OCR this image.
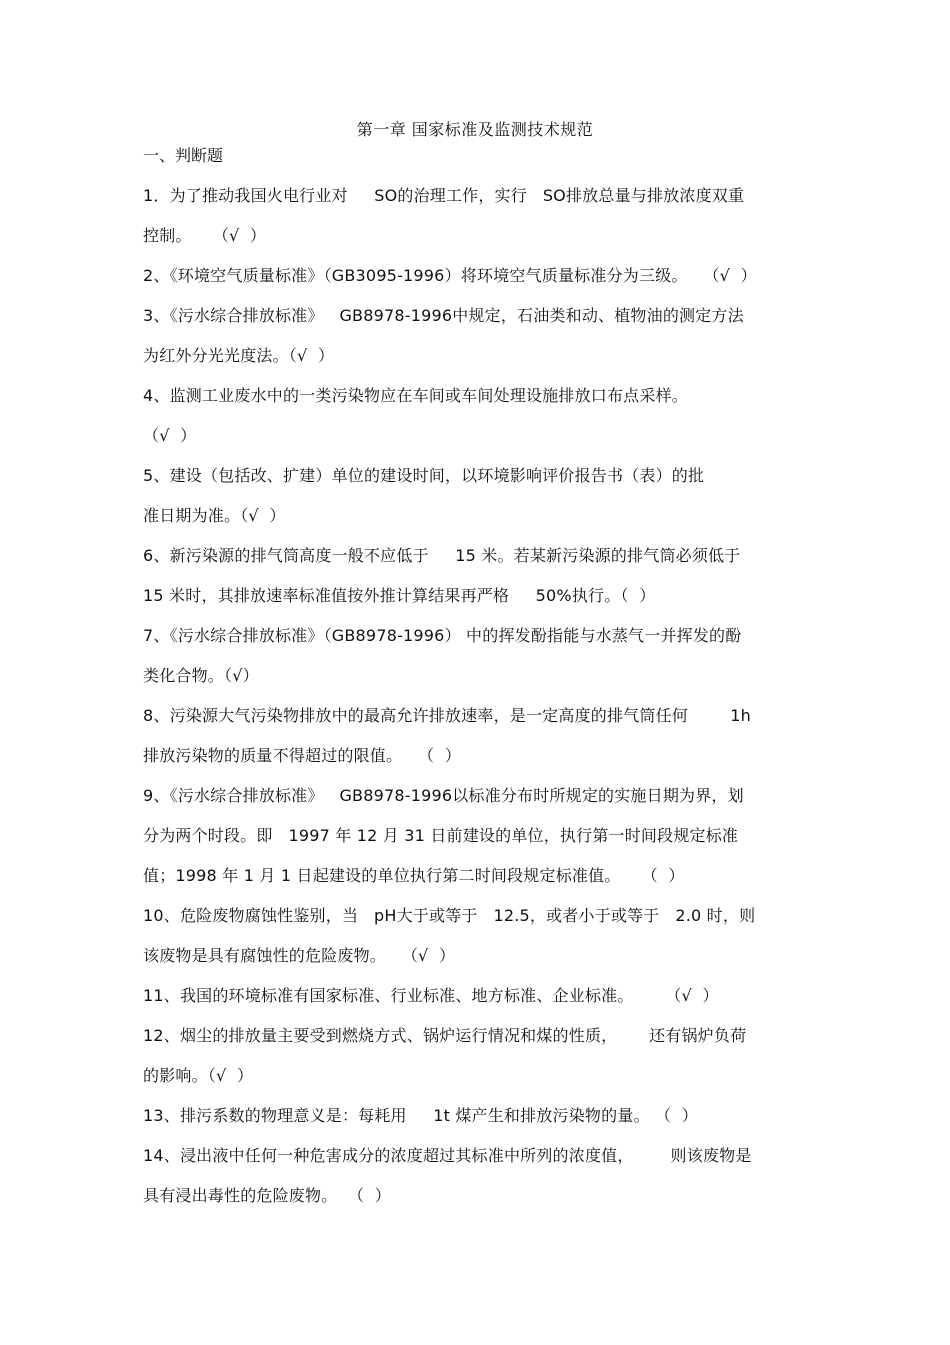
第一章 国家标准及监测技术规范
一、判断题
1．为了推动我国火电行业对     SO的治理工作，实行   SO排放总量与排放浓度双重
控制。    （√  ）
2、《环境空气质量标准》（GB3095-1996）将环境空气质量标准分为三级。   （√  ）
3、《污水综合排放标准》   GB8978-1996中规定，石油类和动、植物油的测定方法
为红外分光光度法。（√  ）
4、监测工业废水中的一类污染物应在车间或车间处理设施排放口布点采样。
（√  ）
5、建设（包括改、扩建）单位的建设时间，以环境影响评价报告书（表）的批
准日期为准。（√  ）
6、新污染源的排气筒高度一般不应低于     15 米。若某新污染源的排气筒必须低于
15 米时，其排放速率标准值按外推计算结果再严格     50%执行。（  ）
7、《污水综合排放标准》（GB8978-1996） 中的挥发酚指能与水蒸气一并挥发的酚
类化合物。（√）
8、污染源大气污染物排放中的最高允许排放速率，是一定高度的排气筒任何        1h
排放污染物的质量不得超过的限值。   （  ）
9、《污水综合排放标准》   GB8978-1996以标准分布时所规定的实施日期为界，划
分为两个时段。即   1997 年 12 月 31 日前建设的单位，执行第一时间段规定标准
值；1998 年 1 月 1 日起建设的单位执行第二时间段规定标准值。    （  ）
10、危险废物腐蚀性鉴别，当   pH大于或等于   12.5，或者小于或等于   2.0 时，则
该废物是具有腐蚀性的危险废物。   （√  ）
11、我国的环境标准有国家标准、行业标准、地方标准、企业标准。      （√  ）
12、烟尘的排放量主要受到燃烧方式、锅炉运行情况和煤的性质，      还有锅炉负荷
的影响。（√  ）
13、排污系数的物理意义是：每耗用     1t 煤产生和排放污染物的量。 （  ）
14、浸出液中任何一种危害成分的浓度超过其标准中所列的浓度值，       则该废物是
具有浸出毒性的危险废物。  （  ）
